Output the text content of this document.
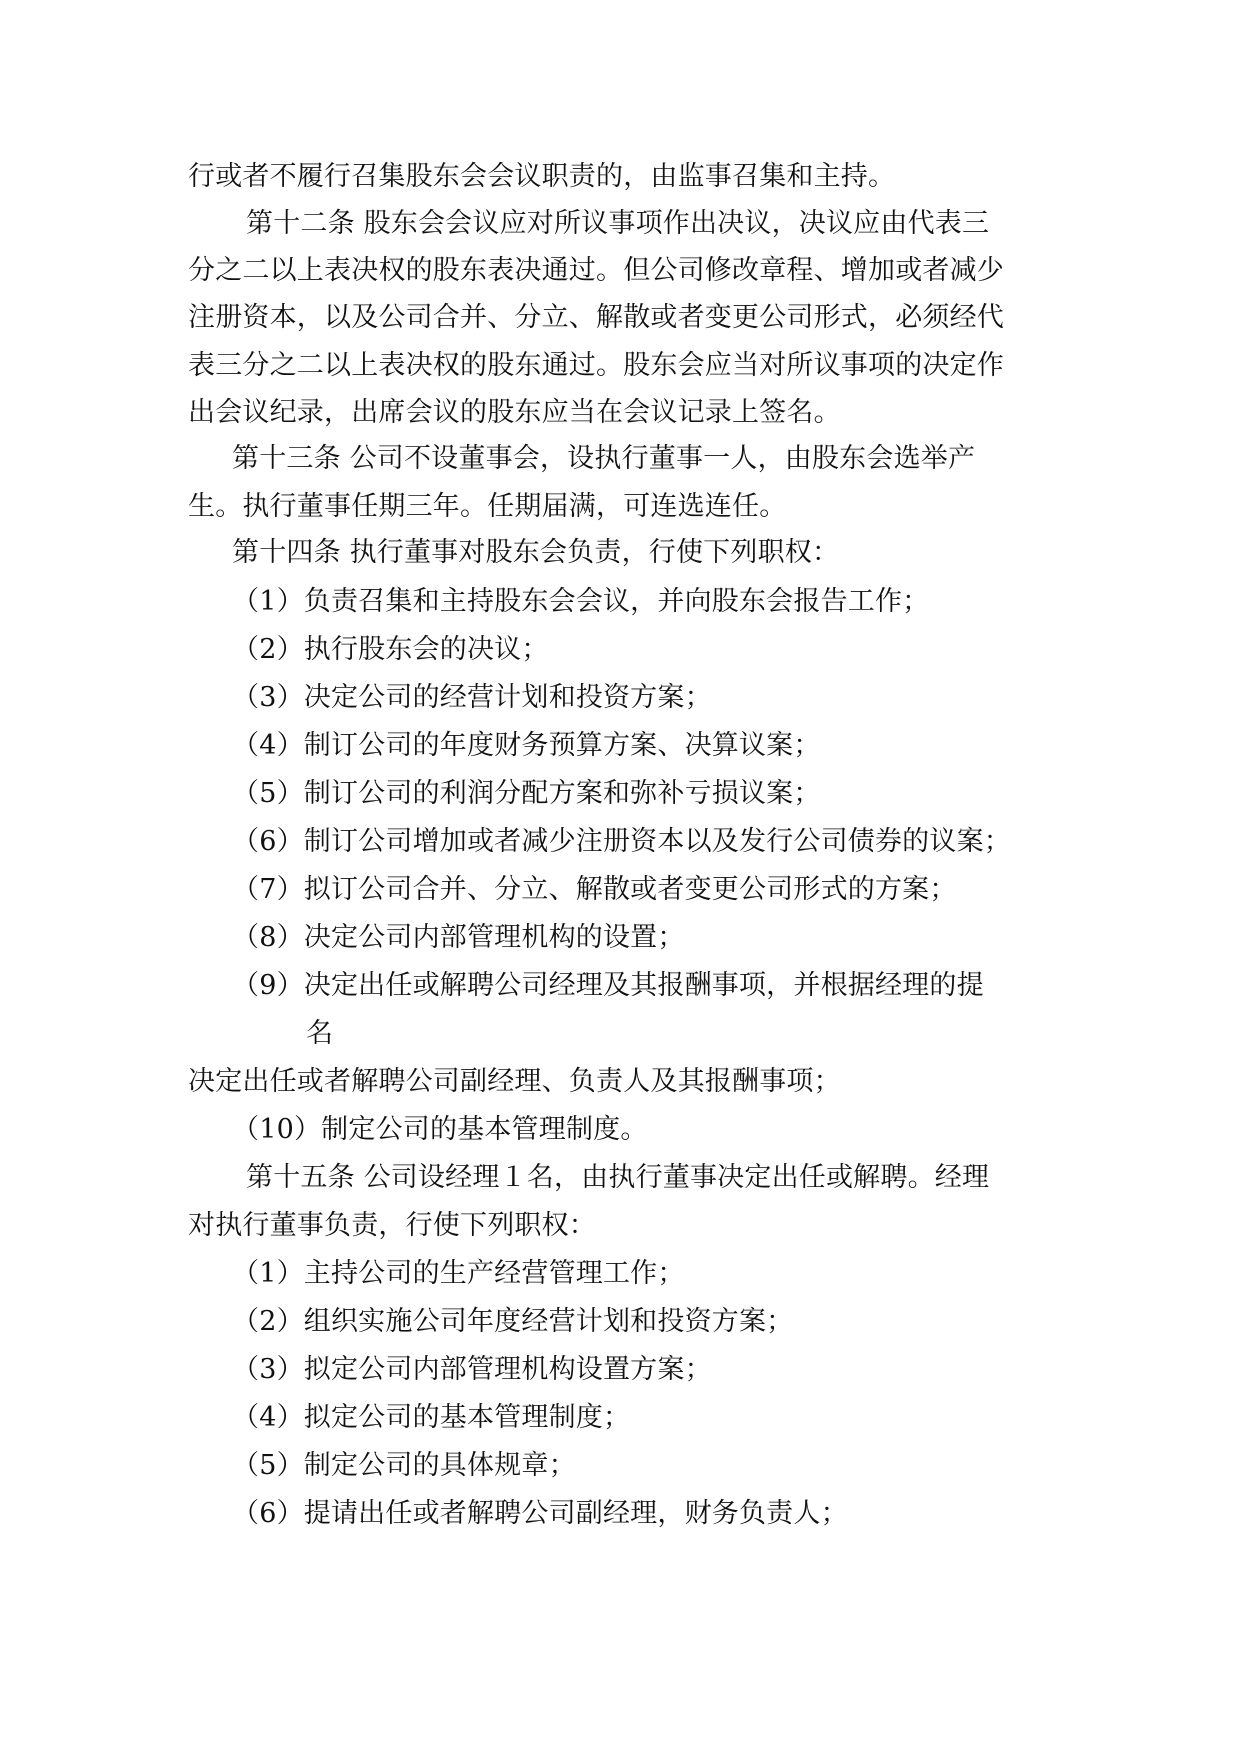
行或者不履行召集股东会会议职责的，由监事召集和主持。
第十二条 股东会会议应对所议事项作出决议，决议应由代表三
分之二以上表决权的股东表决通过。但公司修改章程、增加或者减少
注册资本，以及公司合并、分立、解散或者变更公司形式，必须经代
表三分之二以上表决权的股东通过。股东会应当对所议事项的决定作
出会议纪录，出席会议的股东应当在会议记录上签名。
第十三条 公司不设董事会，设执行董事一人，由股东会选举产
生。执行董事任期三年。任期届满，可连选连任。
第十四条 执行董事对股东会负责，行使下列职权：
（1）负责召集和主持股东会会议，并向股东会报告工作；
（2）执行股东会的决议；
（3）决定公司的经营计划和投资方案；
（4）制订公司的年度财务预算方案、决算议案；
（5）制订公司的利润分配方案和弥补亏损议案；
（6）制订公司增加或者减少注册资本以及发行公司债券的议案；
（7）拟订公司合并、分立、解散或者变更公司形式的方案；
（8）决定公司内部管理机构的设置；
（9）决定出任或解聘公司经理及其报酬事项，并根据经理的提
名
决定出任或者解聘公司副经理、负责人及其报酬事项；
（10）制定公司的基本管理制度。
第十五条 公司设经理１名，由执行董事决定出任或解聘。经理
对执行董事负责，行使下列职权：
（1）主持公司的生产经营管理工作；
（2）组织实施公司年度经营计划和投资方案；
（3）拟定公司内部管理机构设置方案；
（4）拟定公司的基本管理制度；
（5）制定公司的具体规章；
（6）提请出任或者解聘公司副经理，财务负责人；
